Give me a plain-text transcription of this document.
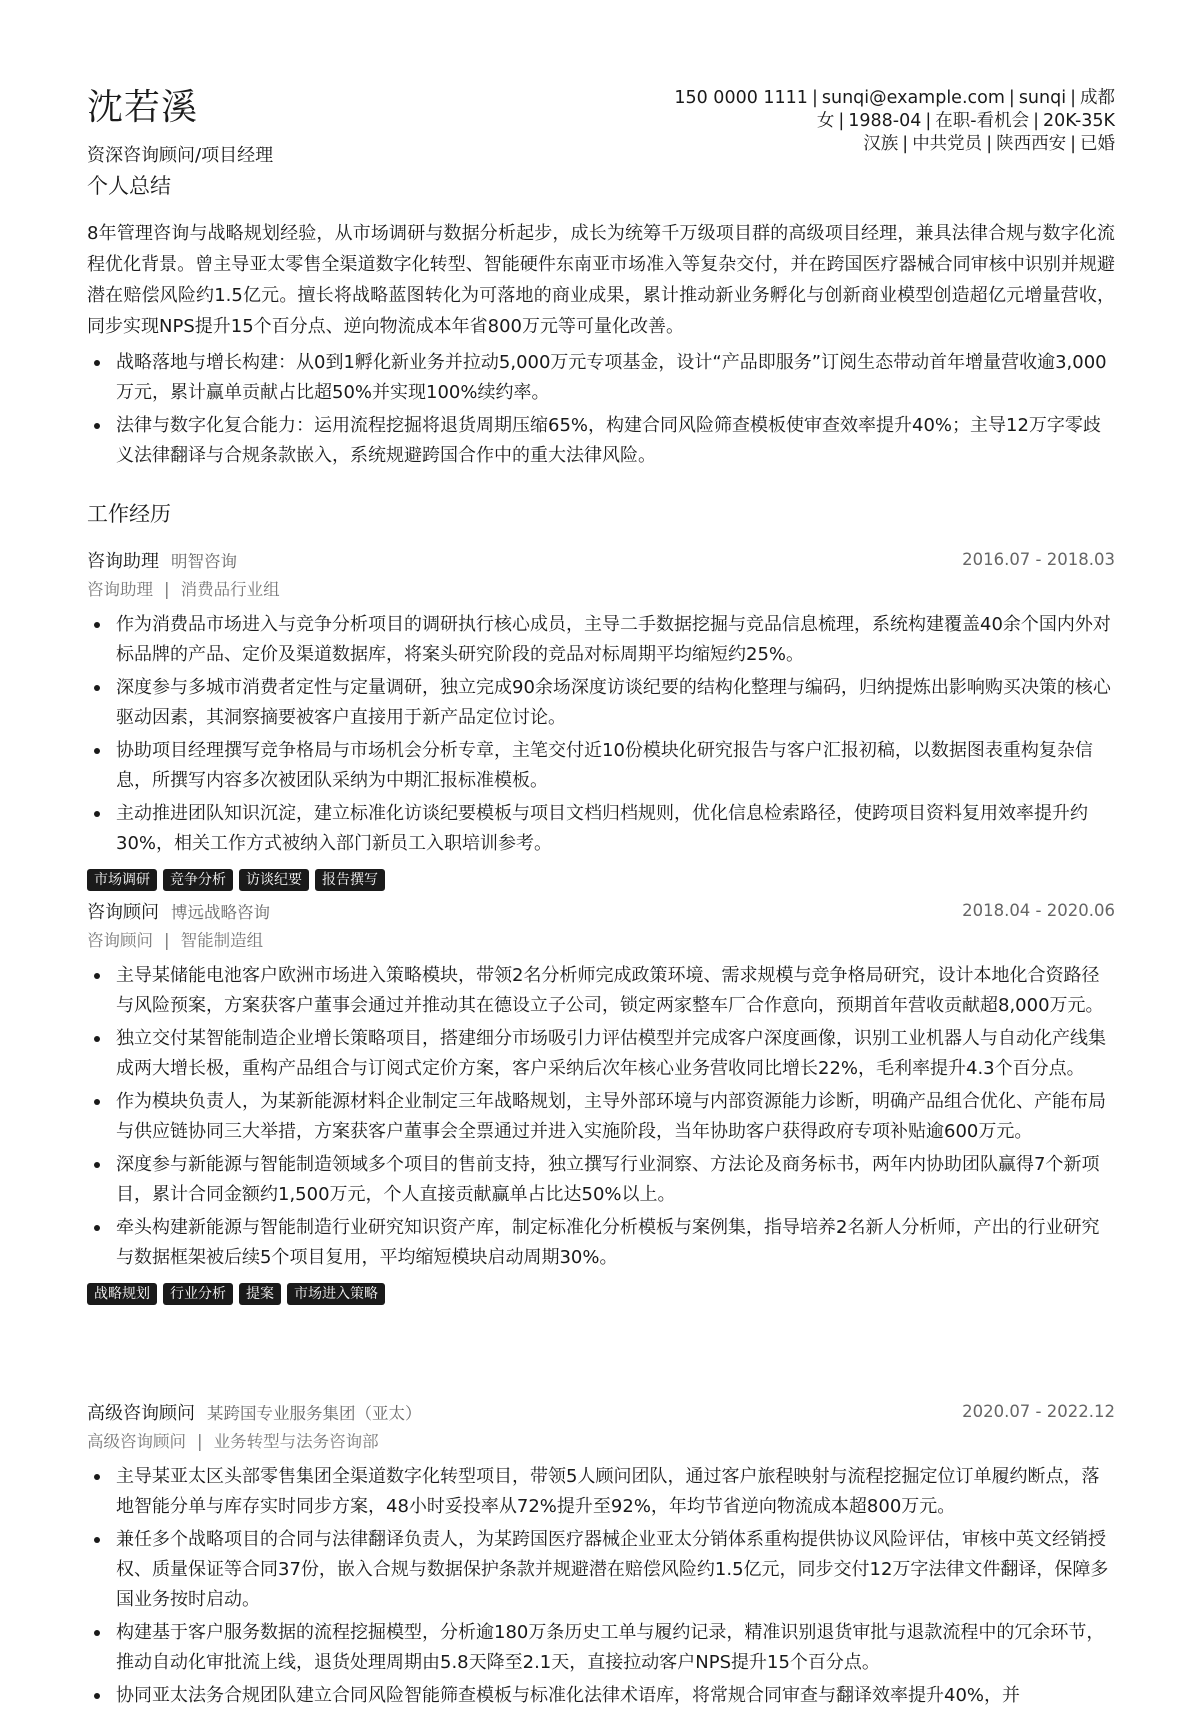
沈若溪
资深咨询顾问/项目经理
150 0000 1111 | sunqi@example.com | sunqi | 成都
女 | 1988-04 | 在职-看机会 | 20K-35K
汉族 | 中共党员 | 陕西西安 | 已婚
个人总结

8年管理咨询与战略规划经验，从市场调研与数据分析起步，成长为统筹千万级项目群的高级项目经理，兼具法律合规与数字化流程优化背景。曾主导亚太零售全渠道数字化转型、智能硬件东南亚市场准入等复杂交付，并在跨国医疗器械合同审核中识别并规避潜在赔偿风险约1.5亿元。擅长将战略蓝图转化为可落地的商业成果，累计推动新业务孵化与创新商业模型创造超亿元增量营收，同步实现NPS提升15个百分点、逆向物流成本年省800万元等可量化改善。

战略落地与增长构建：从0到1孵化新业务并拉动5,000万元专项基金，设计“产品即服务”订阅生态带动首年增量营收逾3,000万元，累计赢单贡献占比超50%并实现100%续约率。
法律与数字化复合能力：运用流程挖掘将退货周期压缩65%，构建合同风险筛查模板使审查效率提升40%；主导12万字零歧义法律翻译与合规条款嵌入，系统规避跨国合作中的重大法律风险。
工作经历
咨询助理 明智咨询	2016.07 - 2018.03
咨询助理 | 消费品行业组
作为消费品市场进入与竞争分析项目的调研执行核心成员，主导二手数据挖掘与竞品信息梳理，系统构建覆盖40余个国内外对标品牌的产品、定价及渠道数据库，将案头研究阶段的竞品对标周期平均缩短约25%。
深度参与多城市消费者定性与定量调研，独立完成90余场深度访谈纪要的结构化整理与编码，归纳提炼出影响购买决策的核心驱动因素，其洞察摘要被客户直接用于新产品定位讨论。
协助项目经理撰写竞争格局与市场机会分析专章，主笔交付近10份模块化研究报告与客户汇报初稿，以数据图表重构复杂信息，所撰写内容多次被团队采纳为中期汇报标准模板。
主动推进团队知识沉淀，建立标准化访谈纪要模板与项目文档归档规则，优化信息检索路径，使跨项目资料复用效率提升约30%，相关工作方式被纳入部门新员工入职培训参考。
市场调研	竞争分析	访谈纪要	报告撰写
咨询顾问 博远战略咨询	2018.04 - 2020.06
咨询顾问 | 智能制造组
主导某储能电池客户欧洲市场进入策略模块，带领2名分析师完成政策环境、需求规模与竞争格局研究，设计本地化合资路径与风险预案，方案获客户董事会通过并推动其在德设立子公司，锁定两家整车厂合作意向，预期首年营收贡献超8,000万元。
独立交付某智能制造企业增长策略项目，搭建细分市场吸引力评估模型并完成客户深度画像，识别工业机器人与自动化产线集成两大增长极，重构产品组合与订阅式定价方案，客户采纳后次年核心业务营收同比增长22%，毛利率提升4.3个百分点。
作为模块负责人，为某新能源材料企业制定三年战略规划，主导外部环境与内部资源能力诊断，明确产品组合优化、产能布局与供应链协同三大举措，方案获客户董事会全票通过并进入实施阶段，当年协助客户获得政府专项补贴逾600万元。
深度参与新能源与智能制造领域多个项目的售前支持，独立撰写行业洞察、方法论及商务标书，两年内协助团队赢得7个新项目，累计合同金额约1,500万元，个人直接贡献赢单占比达50%以上。
牵头构建新能源与智能制造行业研究知识资产库，制定标准化分析模板与案例集，指导培养2名新人分析师，产出的行业研究与数据框架被后续5个项目复用，平均缩短模块启动周期30%。
战略规划	行业分析	提案	市场进入策略
高级咨询顾问 某跨国专业服务集团（亚太）	2020.07 - 2022.12
高级咨询顾问 | 业务转型与法务咨询部
主导某亚太区头部零售集团全渠道数字化转型项目，带领5人顾问团队，通过客户旅程映射与流程挖掘定位订单履约断点，落地智能分单与库存实时同步方案，48小时妥投率从72%提升至92%，年均节省逆向物流成本超800万元。
兼任多个战略项目的合同与法律翻译负责人，为某跨国医疗器械企业亚太分销体系重构提供协议风险评估，审核中英文经销授权、质量保证等合同37份，嵌入合规与数据保护条款并规避潜在赔偿风险约1.5亿元，同步交付12万字法律文件翻译，保障多国业务按时启动。
构建基于客户服务数据的流程挖掘模型，分析逾180万条历史工单与履约记录，精准识别退货审批与退款流程中的冗余环节，推动自动化审批流上线，退货处理周期由5.8天降至2.1天，直接拉动客户NPS提升15个百分点。
协同亚太法务合规团队建立合同风险智能筛查模板与标准化法律术语库，将常规合同审查与翻译效率提升40%，并
